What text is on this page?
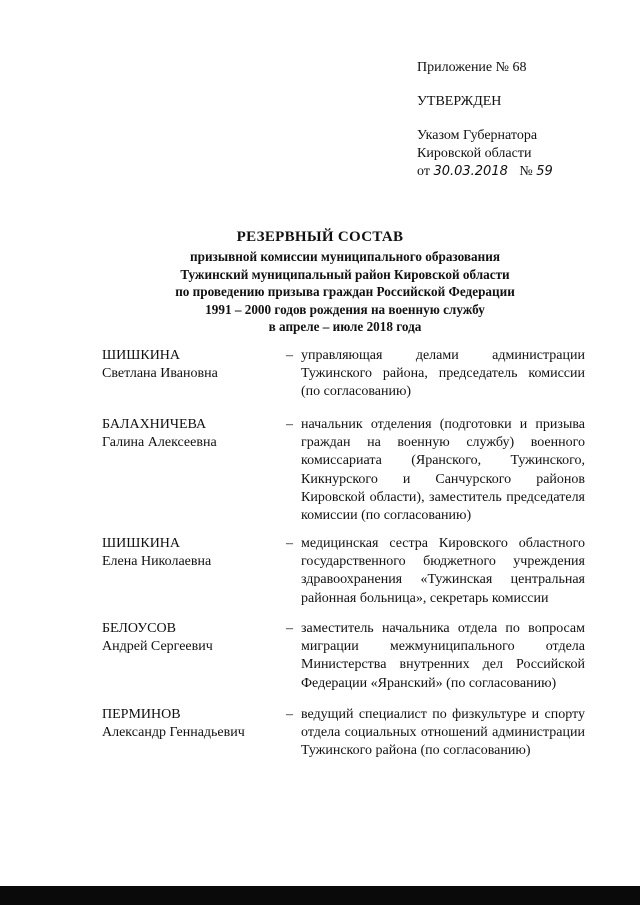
Приложение № 68
УТВЕРЖДЕН
Указом Губернатора
Кировской области
от 30.03.2018 № 59
РЕЗЕРВНЫЙ СОСТАВ
призывной комиссии муниципального образования
Тужинский муниципальный район Кировской области
по проведению призыва граждан Российской Федерации
1991 – 2000 годов рождения на военную службу
в апреле – июле 2018 года
ШИШКИНА
Светлана Ивановна
– управляющая делами администрации Тужинского района, председатель комиссии (по согласованию)
БАЛАХНИЧЕВА
Галина Алексеевна
– начальник отделения (подготовки и призыва граждан на военную службу) военного комиссариата (Яранского, Тужинского, Кикнурского и Санчурского районов Кировской области), заместитель председателя комиссии (по согласованию)
ШИШКИНА
Елена Николаевна
– медицинская сестра Кировского областного государственного бюджетного учреждения здравоохранения «Тужинская центральная районная больница», секретарь комиссии
БЕЛОУСОВ
Андрей Сергеевич
– заместитель начальника отдела по вопросам миграции межмуниципального отдела Министерства внутренних дел Российской Федерации «Яранский» (по согласованию)
ПЕРМИНОВ
Александр Геннадьевич
– ведущий специалист по физкультуре и спорту отдела социальных отношений администрации Тужинского района (по согласованию)
